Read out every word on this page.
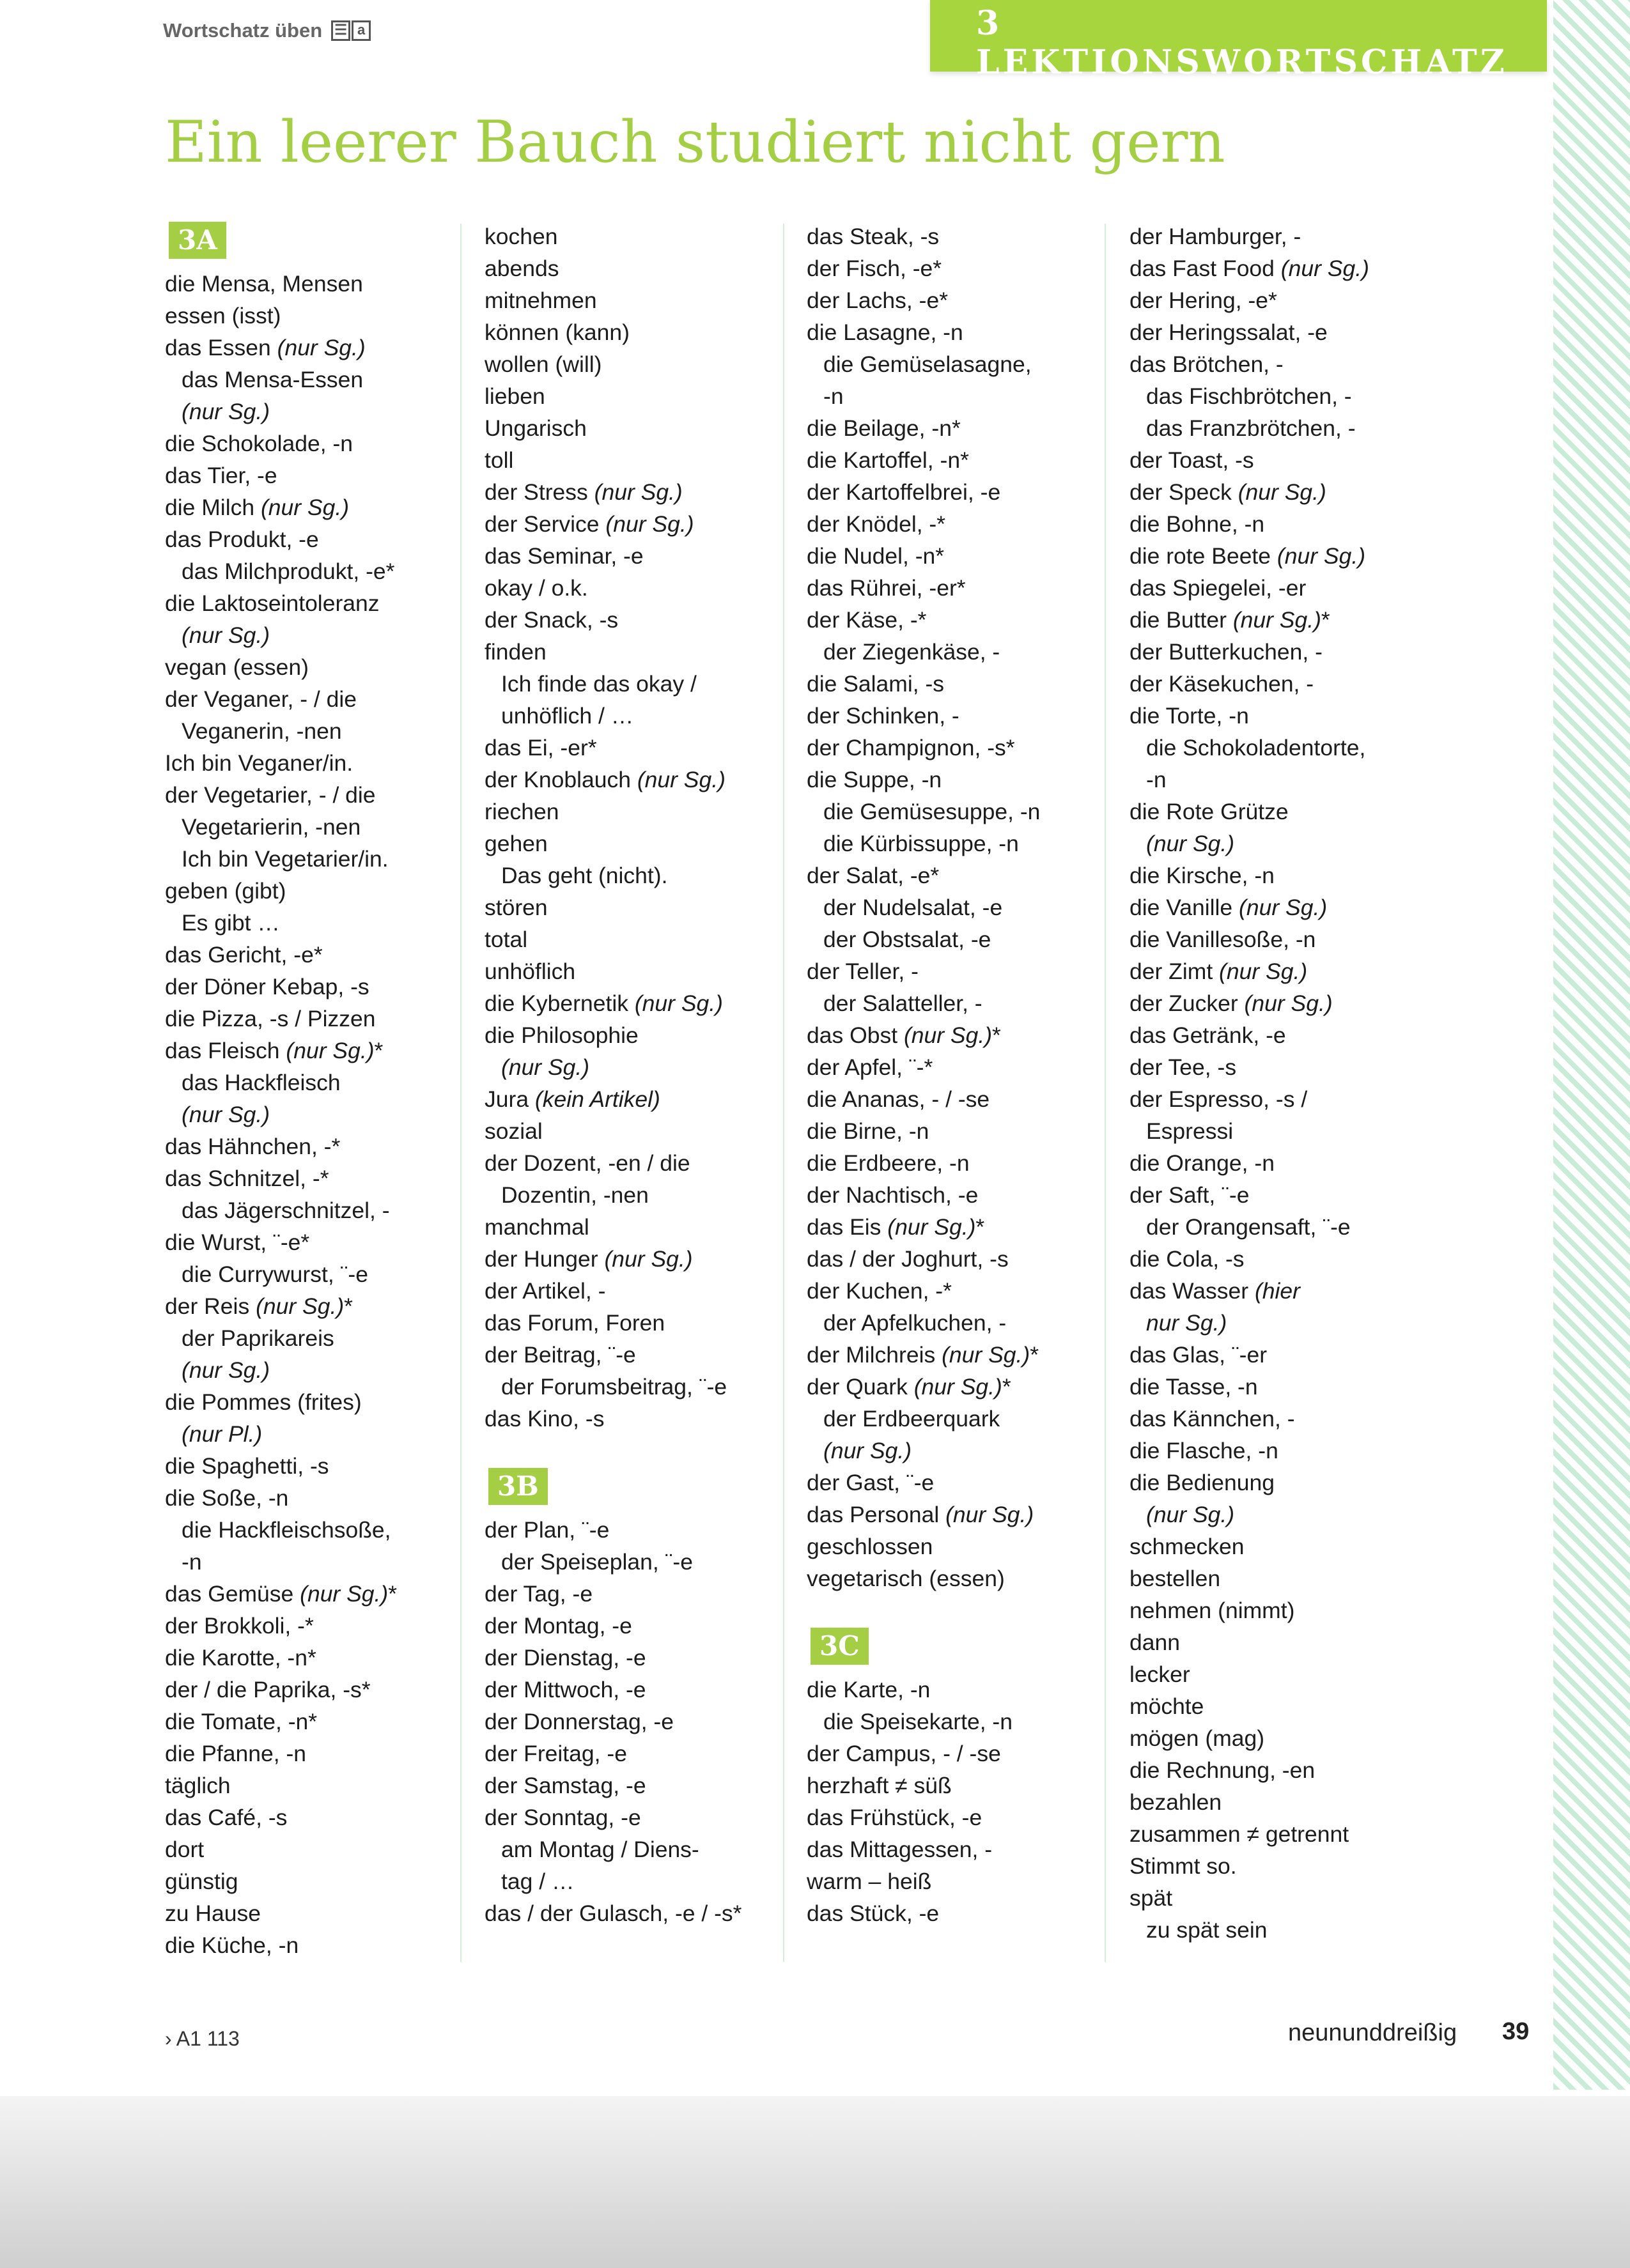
Wortschatz üben ☰ a	3 LEKTIONSWORTSCHATZ
Ein leerer Bauch studiert nicht gern
3A
die Mensa, Mensen
essen (isst)
das Essen (nur Sg.)
das Mensa-Essen
(nur Sg.)
die Schokolade, -n
das Tier, -e
die Milch (nur Sg.)
das Produkt, -e
das Milchprodukt, -e*
die Laktoseintoleranz
(nur Sg.)
vegan (essen)
der Veganer, - / die
Veganerin, -nen
Ich bin Veganer/in.
der Vegetarier, - / die
Vegetarierin, -nen
Ich bin Vegetarier/in.
geben (gibt)
Es gibt …
das Gericht, -e*
der Döner Kebap, -s
die Pizza, -s / Pizzen
das Fleisch (nur Sg.)*
das Hackfleisch
(nur Sg.)
das Hähnchen, -*
das Schnitzel, -*
das Jägerschnitzel, -
die Wurst, ¨-e*
die Currywurst, ¨-e
der Reis (nur Sg.)*
der Paprikareis
(nur Sg.)
die Pommes (frites)
(nur Pl.)
die Spaghetti, -s
die Soße, -n
die Hackfleischsoße,
-n
das Gemüse (nur Sg.)*
der Brokkoli, -*
die Karotte, -n*
der / die Paprika, -s*
die Tomate, -n*
die Pfanne, -n
täglich
das Café, -s
dort
günstig
zu Hause
die Küche, -n
kochen
abends
mitnehmen
können (kann)
wollen (will)
lieben
Ungarisch
toll
der Stress (nur Sg.)
der Service (nur Sg.)
das Seminar, -e
okay / o.k.
der Snack, -s
finden
Ich finde das okay /
unhöflich / …
das Ei, -er*
der Knoblauch (nur Sg.)
riechen
gehen
Das geht (nicht).
stören
total
unhöflich
die Kybernetik (nur Sg.)
die Philosophie
(nur Sg.)
Jura (kein Artikel)
sozial
der Dozent, -en / die
Dozentin, -nen
manchmal
der Hunger (nur Sg.)
der Artikel, -
das Forum, Foren
der Beitrag, ¨-e
der Forumsbeitrag, ¨-e
das Kino, -s
3B
der Plan, ¨-e
der Speiseplan, ¨-e
der Tag, -e
der Montag, -e
der Dienstag, -e
der Mittwoch, -e
der Donnerstag, -e
der Freitag, -e
der Samstag, -e
der Sonntag, -e
am Montag / Diens-
tag / …
das / der Gulasch, -e / -s*
das Steak, -s
der Fisch, -e*
der Lachs, -e*
die Lasagne, -n
die Gemüselasagne,
-n
die Beilage, -n*
die Kartoffel, -n*
der Kartoffelbrei, -e
der Knödel, -*
die Nudel, -n*
das Rührei, -er*
der Käse, -*
der Ziegenkäse, -
die Salami, -s
der Schinken, -
der Champignon, -s*
die Suppe, -n
die Gemüsesuppe, -n
die Kürbissuppe, -n
der Salat, -e*
der Nudelsalat, -e
der Obstsalat, -e
der Teller, -
der Salatteller, -
das Obst (nur Sg.)*
der Apfel, ¨-*
die Ananas, - / -se
die Birne, -n
die Erdbeere, -n
der Nachtisch, -e
das Eis (nur Sg.)*
das / der Joghurt, -s
der Kuchen, -*
der Apfelkuchen, -
der Milchreis (nur Sg.)*
der Quark (nur Sg.)*
der Erdbeerquark
(nur Sg.)
der Gast, ¨-e
das Personal (nur Sg.)
geschlossen
vegetarisch (essen)
3C
die Karte, -n
die Speisekarte, -n
der Campus, - / -se
herzhaft ≠ süß
das Frühstück, -e
das Mittagessen, -
warm – heiß
das Stück, -e
der Hamburger, -
das Fast Food (nur Sg.)
der Hering, -e*
der Heringssalat, -e
das Brötchen, -
das Fischbrötchen, -
das Franzbrötchen, -
der Toast, -s
der Speck (nur Sg.)
die Bohne, -n
die rote Beete (nur Sg.)
das Spiegelei, -er
die Butter (nur Sg.)*
der Butterkuchen, -
der Käsekuchen, -
die Torte, -n
die Schokoladentorte,
-n
die Rote Grütze
(nur Sg.)
die Kirsche, -n
die Vanille (nur Sg.)
die Vanillesoße, -n
der Zimt (nur Sg.)
der Zucker (nur Sg.)
das Getränk, -e
der Tee, -s
der Espresso, -s /
Espressi
die Orange, -n
der Saft, ¨-e
der Orangensaft, ¨-e
die Cola, -s
das Wasser (hier
nur Sg.)
das Glas, ¨-er
die Tasse, -n
das Kännchen, -
die Flasche, -n
die Bedienung
(nur Sg.)
schmecken
bestellen
nehmen (nimmt)
dann
lecker
möchte
mögen (mag)
die Rechnung, -en
bezahlen
zusammen ≠ getrennt
Stimmt so.
spät
zu spät sein
› A1 113	neununddreißig 39
